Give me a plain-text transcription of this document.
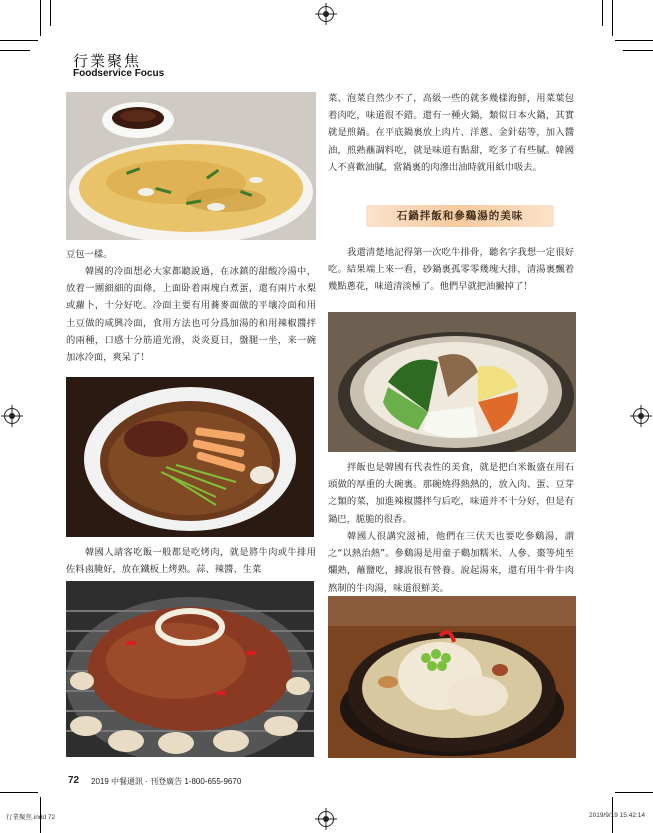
行業聚焦
Foodservice Focus

豆包一樣。

韓國的冷面想必大家都聽說過，在冰鎮的甜酸冷湯中，放着一團細細的面條，上面卧着兩塊白煮蛋，還有兩片水梨或蘿卜，十分好吃。冷面主要有用蕎麥面做的平壤冷面和用土豆做的咸興冷面，食用方法也可分爲加湯的和用辣椒醬拌的兩種，口感十分筋道光滑，炎炎夏日，盤腿一坐，来一碗加冰冷面，爽呆了！

韓國人請客吃飯一般都是吃烤肉，就是將牛肉或牛排用佐料鹵腌好，放在鐵板上烤熟。蒜、辣醬、生菜

菜、泡菜自然少不了，高級一些的就多幾樣海鮮，用菜葉包着肉吃，味道很不錯。還有一種火鍋，類似日本火鍋，其實就是煎鍋。在平底鍋裏放上肉片、洋蔥、金針菇等，加入醬油，煎熟蘸調料吃，就是味道有點甜，吃多了有些膩。韓國人不喜歡油膩，當鍋裏的肉滲出油時就用紙巾吸去。

石鍋拌飯和參鷄湯的美味

我還清楚地記得第一次吃牛排骨，聽名字我想一定很好吃。結果端上來一看，砂鍋裏孤零零幾塊大排，清湯裏飄着幾點蔥花，味道清淡極了。他們早就把油撇掉了！

拌飯也是韓國有代表性的美食，就是把白米飯盛在用石頭做的厚重的大碗裏。那碗燒得熱熱的，放入肉、蛋、豆芽之類的菜，加進辣椒醬拌勻后吃，味道并不十分好，但是有鍋巴，脆脆的很香。

韓國人很講究滋補，他們在三伏天也要吃參鷄湯，謂之“以熱治熱”。參鷄湯是用童子鷄加糯米、人參、棗等炖至爛熟，蘸鹽吃，據說很有營養。說起湯來，還有用牛骨牛肉熬制的牛肉湯，味道很鮮美。

72 2019 中餐通訊 · 刊登廣告 1-800-655-9670
行業聚焦.indd 72	2019/9/19 15:42:14
